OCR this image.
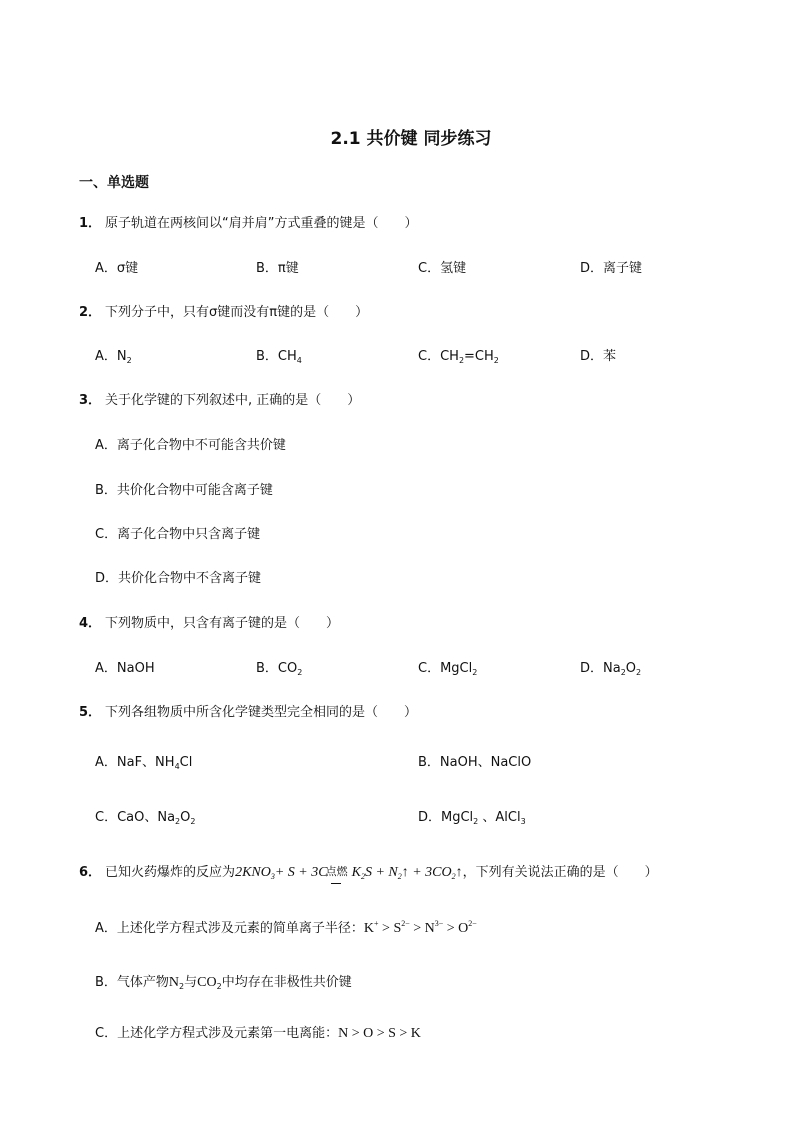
2.1 共价键 同步练习
一、单选题
1． 原子轨道在两核间以“肩并肩”方式重叠的键是（　　）
A．σ键	B．π键	C．氢键	D．离子键
2． 下列分子中，只有σ键而没有π键的是（　　）
A．$N_2$	B．$CH_4$	C．$CH_2=CH_2$	D．苯
3． 关于化学键的下列叙述中, 正确的是（　　）
A．离子化合物中不可能含共价键
B．共价化合物中可能含离子键
C．离子化合物中只含离子键
D．共价化合物中不含离子键
4． 下列物质中，只含有离子键的是（　　）
A．NaOH	B．$CO_2$	C．MgCl$_2$	D．$Na_2O_2$
5． 下列各组物质中所含化学键类型完全相同的是（　　）
A．NaF、$NH_4Cl$	B．NaOH、NaClO
C．CaO、$Na_2O_2$	D．MgCl$_2$ 、AlCl$_3$
6． 已知火药爆炸的反应为$2KNO_3+ S + 3C$
点燃 $K_2S$ + $N_2↑$ + $3CO_2↑$，下列有关说法正确的是（　　）
A．上述化学方程式涉及元素的简单离子半径：$K^+ > S^{2-} > N^{3-} > O^{2-}$
B．气体产物$N_2$与$CO_2$中均存在非极性共价键
C．上述化学方程式涉及元素第一电离能：N > O > S > K
